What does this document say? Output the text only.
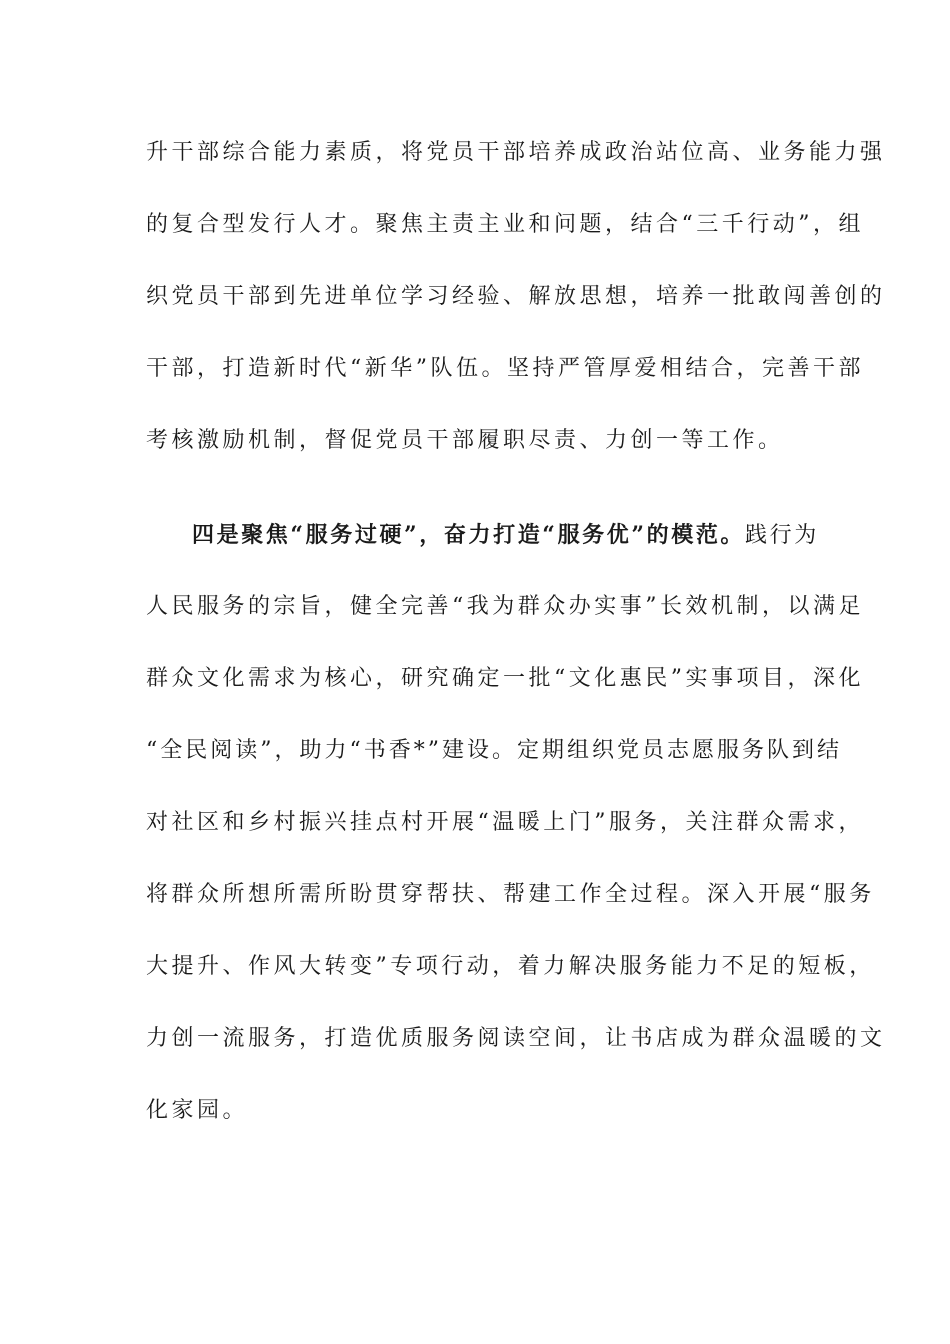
升干部综合能力素质，将党员干部培养成政治站位高、业务能力强
的复合型发行人才。聚焦主责主业和问题，结合“三千行动”，组
织党员干部到先进单位学习经验、解放思想，培养一批敢闯善创的
干部，打造新时代“新华”队伍。坚持严管厚爱相结合，完善干部
考核激励机制，督促党员干部履职尽责、力创一等工作。
四是聚焦“服务过硬”，奋力打造“服务优”的模范。践行为
人民服务的宗旨，健全完善“我为群众办实事”长效机制，以满足
群众文化需求为核心，研究确定一批“文化惠民”实事项目，深化
“全民阅读”，助力“书香*”建设。定期组织党员志愿服务队到结
对社区和乡村振兴挂点村开展“温暖上门”服务，关注群众需求，
将群众所想所需所盼贯穿帮扶、帮建工作全过程。深入开展“服务
大提升、作风大转变”专项行动，着力解决服务能力不足的短板，
力创一流服务，打造优质服务阅读空间，让书店成为群众温暖的文
化家园。
